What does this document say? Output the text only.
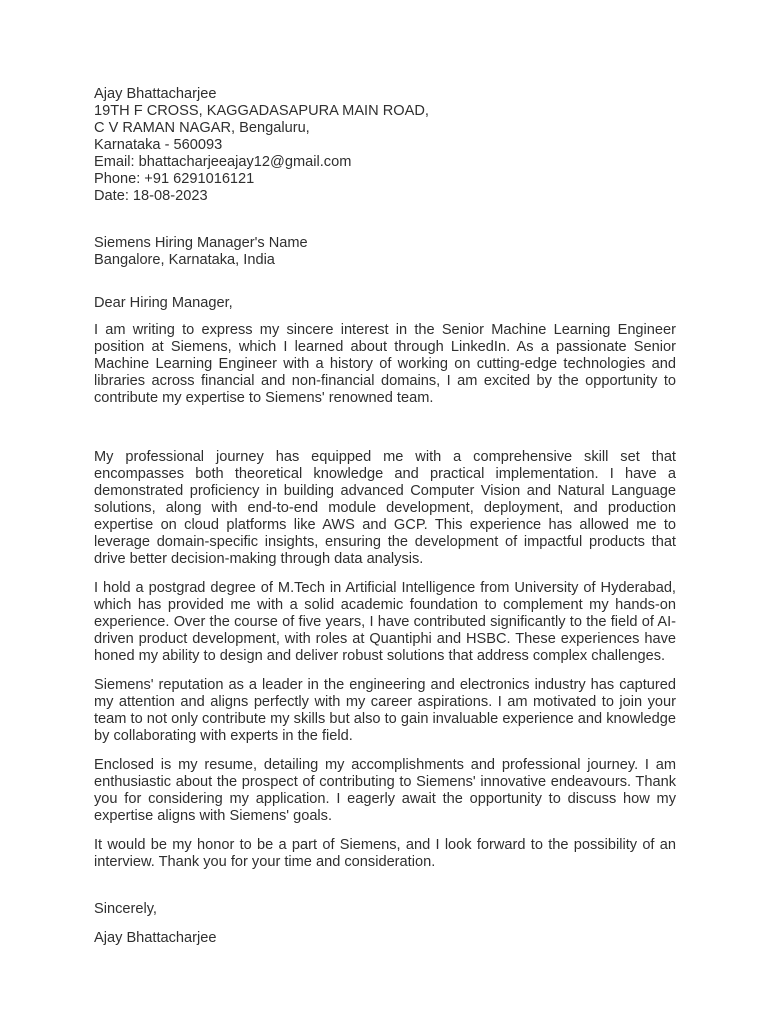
Ajay Bhattacharjee
19TH F CROSS, KAGGADASAPURA MAIN ROAD,
C V RAMAN NAGAR, Bengaluru,
Karnataka - 560093
Email: bhattacharjeeajay12@gmail.com
Phone: +91 6291016121
Date: 18-08-2023
Siemens Hiring Manager's Name
Bangalore, Karnataka, India

Dear Hiring Manager,

I am writing to express my sincere interest in the Senior Machine Learning Engineer position at Siemens, which I learned about through LinkedIn. As a passionate Senior Machine Learning Engineer with a history of working on cutting-edge technologies and libraries across financial and non-financial domains, I am excited by the opportunity to contribute my expertise to Siemens' renowned team.

My professional journey has equipped me with a comprehensive skill set that encompasses both theoretical knowledge and practical implementation. I have a demonstrated proficiency in building advanced Computer Vision and Natural Language solutions, along with end-to-end module development, deployment, and production expertise on cloud platforms like AWS and GCP. This experience has allowed me to leverage domain-specific insights, ensuring the development of impactful products that drive better decision-making through data analysis.

I hold a postgrad degree of M.Tech in Artificial Intelligence from University of Hyderabad, which has provided me with a solid academic foundation to complement my hands-on experience. Over the course of five years, I have contributed significantly to the field of AI-driven product development, with roles at Quantiphi and HSBC. These experiences have honed my ability to design and deliver robust solutions that address complex challenges.

Siemens' reputation as a leader in the engineering and electronics industry has captured my attention and aligns perfectly with my career aspirations. I am motivated to join your team to not only contribute my skills but also to gain invaluable experience and knowledge by collaborating with experts in the field.

Enclosed is my resume, detailing my accomplishments and professional journey. I am enthusiastic about the prospect of contributing to Siemens' innovative endeavours. Thank you for considering my application. I eagerly await the opportunity to discuss how my expertise aligns with Siemens' goals.

It would be my honor to be a part of Siemens, and I look forward to the possibility of an interview. Thank you for your time and consideration.

Sincerely,

Ajay Bhattacharjee
